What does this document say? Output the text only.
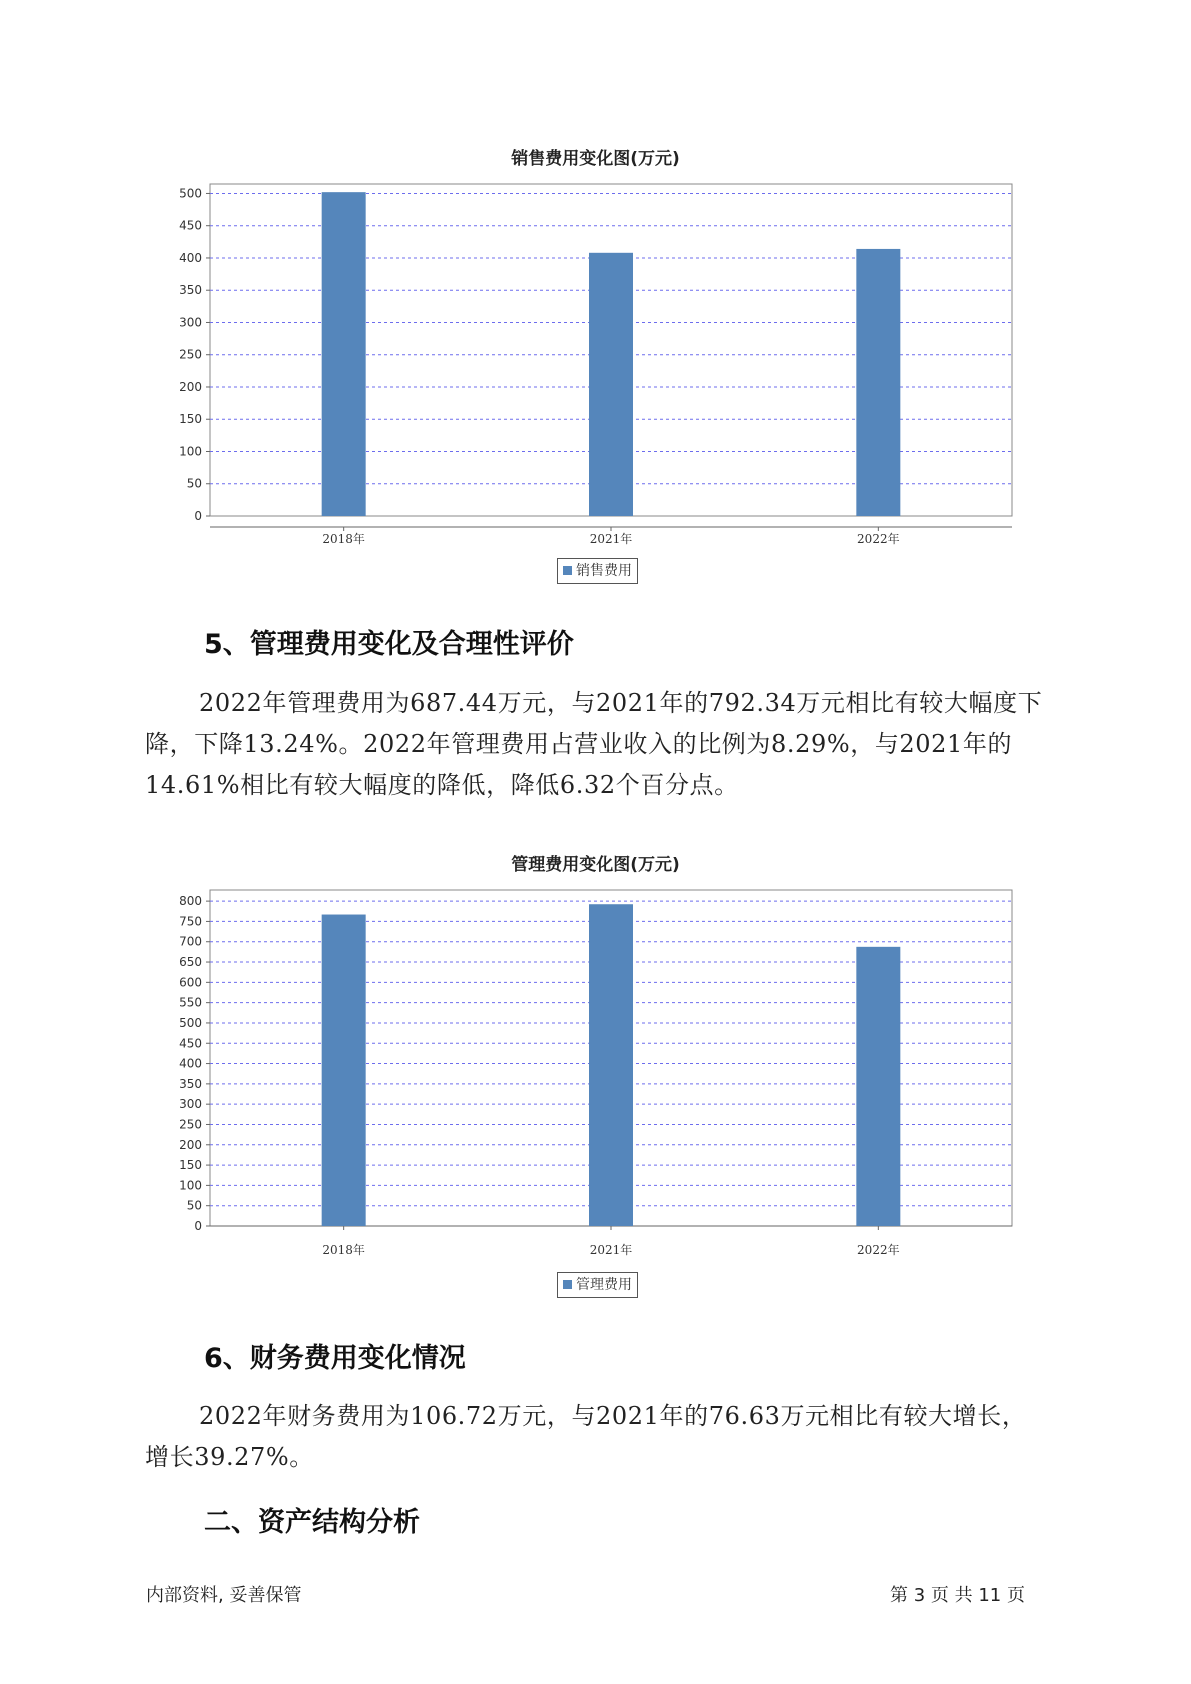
销售费用变化图(万元)
0
50
100
150
200
250
300
350
400
450
500
2018年	2021年	2022年
销售费用
5、管理费用变化及合理性评价
2022年管理费用为687.44万元，与2021年的792.34万元相比有较大幅度下降，下降13.24%。2022年管理费用占营业收入的比例为8.29%，与2021年的14.61%相比有较大幅度的降低，降低6.32个百分点。
管理费用变化图(万元)
0
50
100
150
200
250
300
350
400
450
500
550
600
650
700
750
800
2018年	2021年	2022年
管理费用
6、财务费用变化情况
2022年财务费用为106.72万元，与2021年的76.63万元相比有较大增长，增长39.27%。
二、资产结构分析
内部资料, 妥善保管	第 3 页 共 11 页
